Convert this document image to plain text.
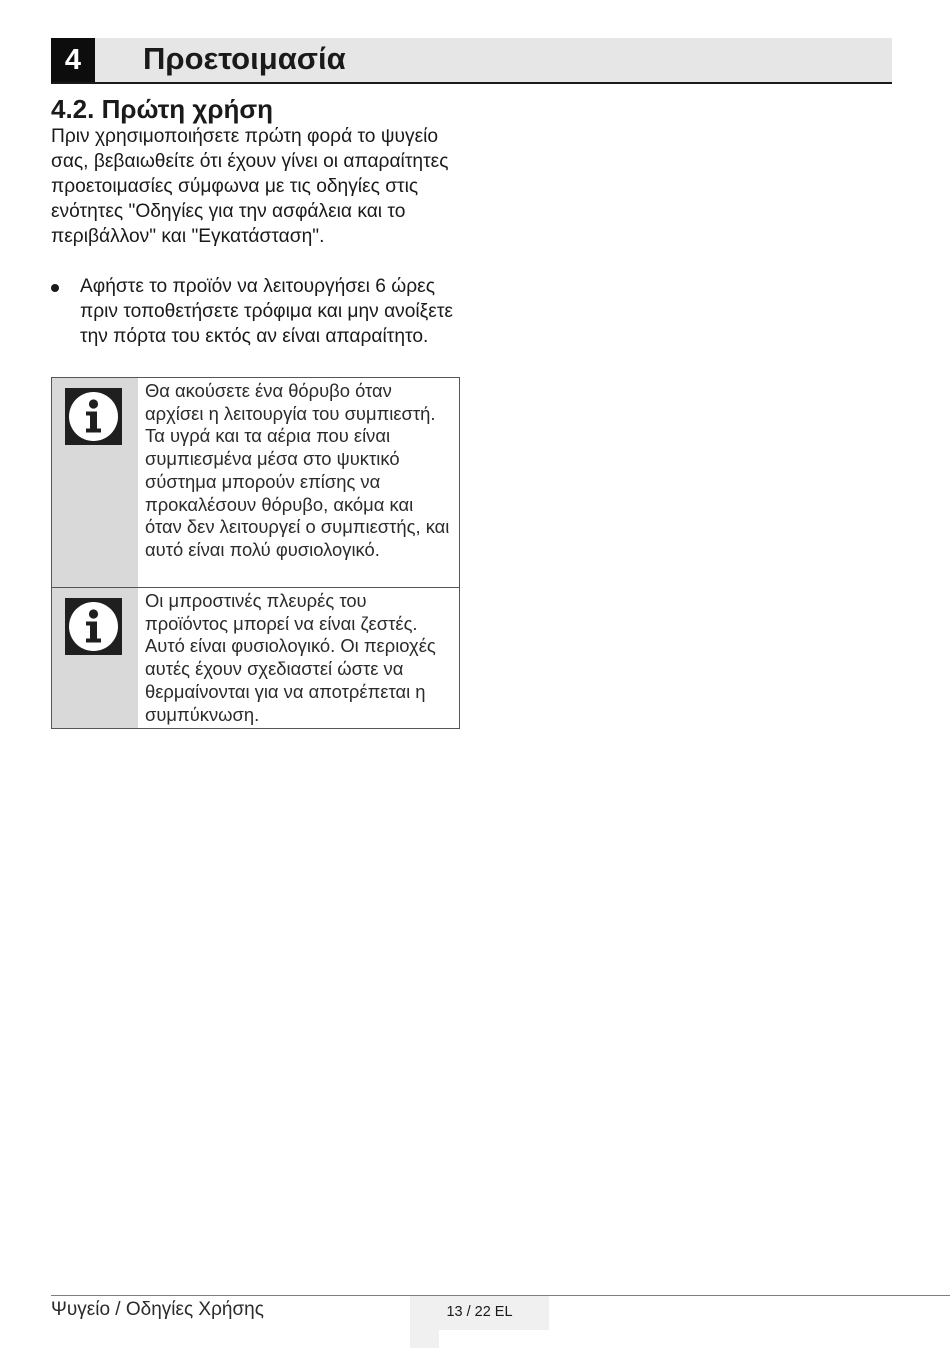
4	Προετοιμασία
4.2. Πρώτη χρήση

Πριν χρησιμοποιήσετε πρώτη φορά το ψυγείο σας, βεβαιωθείτε ότι έχουν γίνει οι απαραίτητες προετοιμασίες σύμφωνα με τις οδηγίες στις ενότητες "Οδηγίες για την ασφάλεια και το περιβάλλον" και "Εγκατάσταση".

Αφήστε το προϊόν να λειτουργήσει 6 ώρες πριν τοποθετήσετε τρόφιμα και μην ανοίξετε την πόρτα του εκτός αν είναι απαραίτητο.

Θα ακούσετε ένα θόρυβο όταν αρχίσει η λειτουργία του συμπιεστή. Τα υγρά και τα αέρια που είναι συμπιεσμένα μέσα στο ψυκτικό σύστημα μπορούν επίσης να προκαλέσουν θόρυβο, ακόμα και όταν δεν λειτουργεί ο συμπιεστής, και αυτό είναι πολύ φυσιολογικό.

Οι μπροστινές πλευρές του προϊόντος μπορεί να είναι ζεστές. Αυτό είναι φυσιολογικό. Οι περιοχές αυτές έχουν σχεδιαστεί ώστε να θερμαίνονται για να αποτρέπεται η συμπύκνωση.

Ψυγείο / Οδηγίες Χρήσης	13 / 22 EL
